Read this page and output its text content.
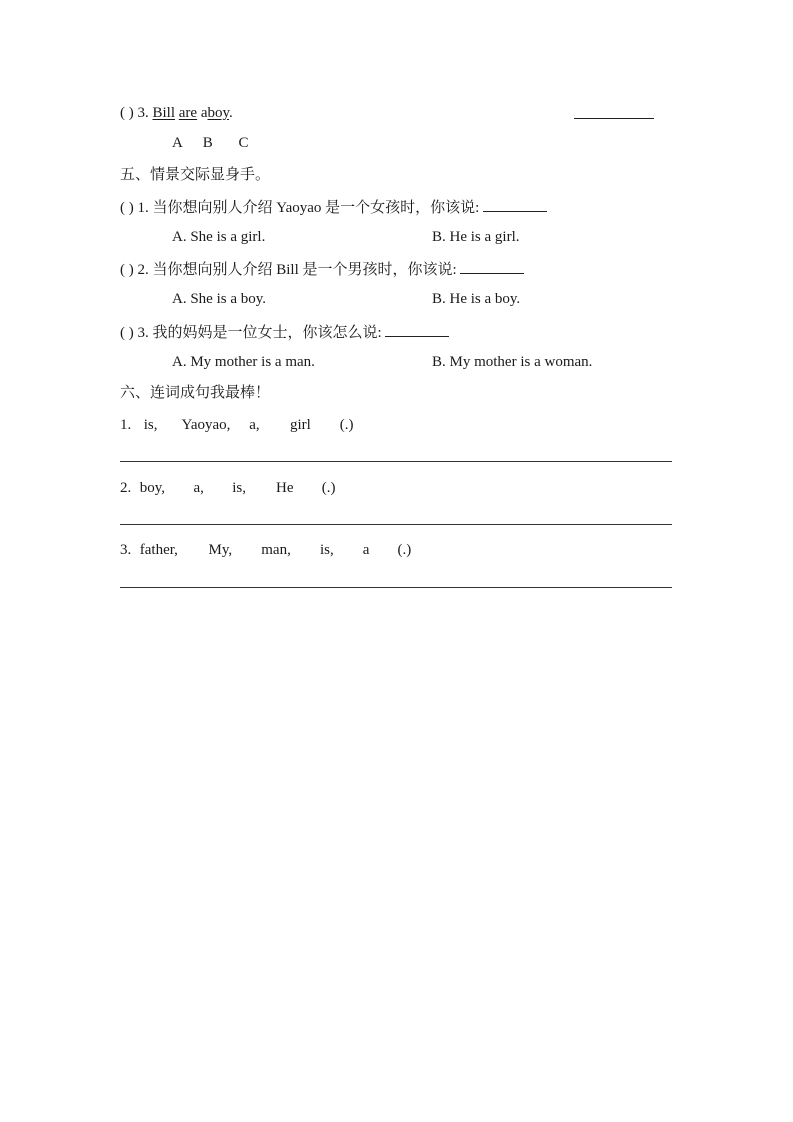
( ) 3. Bill are aboy.
A B C
五、情景交际显身手。
( ) 1. 当你想向别人介绍 Yaoyao 是一个女孩时，你该说:
A. She is a girl.	B. He is a girl.
( ) 2. 当你想向别人介绍 Bill 是一个男孩时，你该说:
A. She is a boy.	B. He is a boy.
( ) 3. 我的妈妈是一位女士，你该怎么说:
A. My mother is a man.	B. My mother is a woman.
六、连词成句我最棒！
1. is, Yaoyao, a, girl (.)
2. boy, a, is, He (.)
3. father, My, man, is, a (.)
